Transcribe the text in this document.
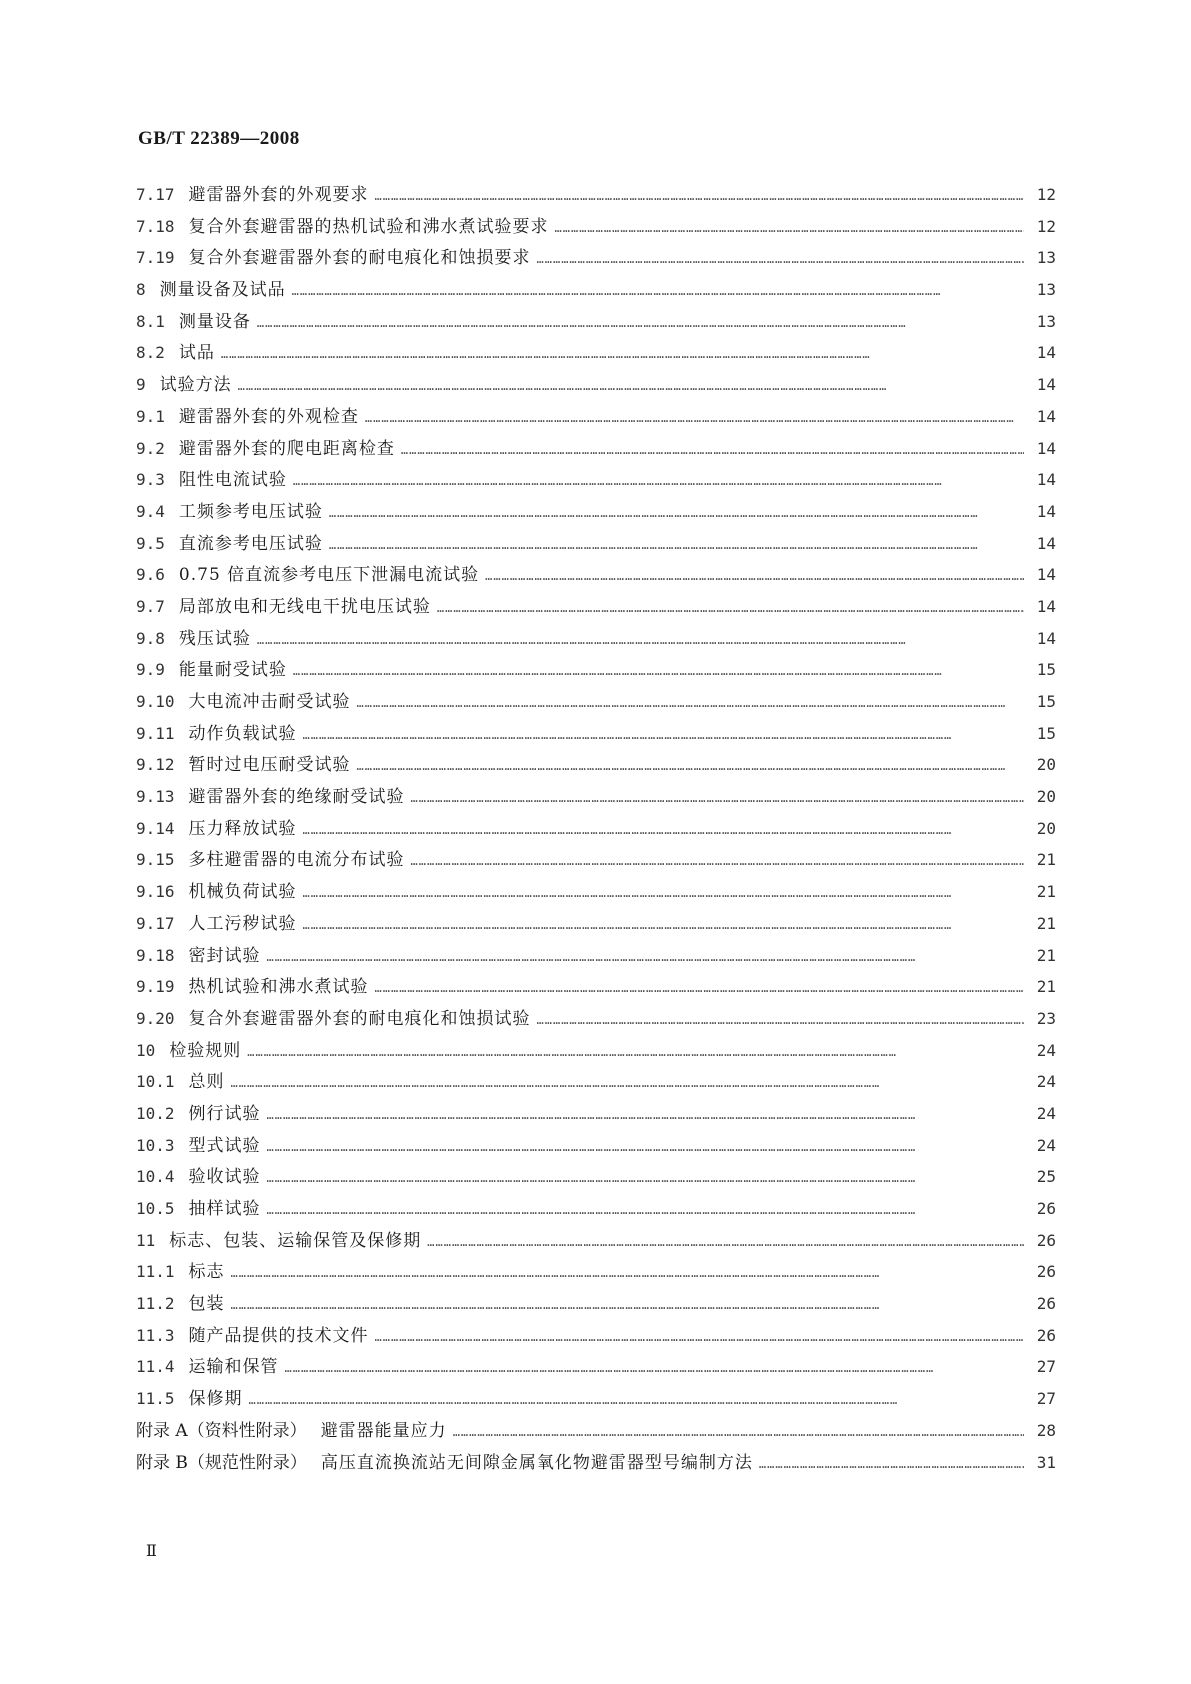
GB/T 22389—2008
7.17 避雷器外套的外观要求 …………………………………………………………………………………………………………………………………………………………………………………………………………………	12
7.18 复合外套避雷器的热机试验和沸水煮试验要求 …………………………………………………………………………………………………………………………………………………………………………………………………………………	12
7.19 复合外套避雷器外套的耐电痕化和蚀损要求 …………………………………………………………………………………………………………………………………………………………………………………………………………………	13
8 测量设备及试品 …………………………………………………………………………………………………………………………………………………………………………………………………………………	13
8.1 测量设备 …………………………………………………………………………………………………………………………………………………………………………………………………………………	13
8.2 试品 …………………………………………………………………………………………………………………………………………………………………………………………………………………	14
9 试验方法 …………………………………………………………………………………………………………………………………………………………………………………………………………………	14
9.1 避雷器外套的外观检查 …………………………………………………………………………………………………………………………………………………………………………………………………………………	14
9.2 避雷器外套的爬电距离检查 …………………………………………………………………………………………………………………………………………………………………………………………………………………	14
9.3 阻性电流试验 …………………………………………………………………………………………………………………………………………………………………………………………………………………	14
9.4 工频参考电压试验 …………………………………………………………………………………………………………………………………………………………………………………………………………………	14
9.5 直流参考电压试验 …………………………………………………………………………………………………………………………………………………………………………………………………………………	14
9.6 0.75 倍直流参考电压下泄漏电流试验 …………………………………………………………………………………………………………………………………………………………………………………………………………………	14
9.7 局部放电和无线电干扰电压试验 …………………………………………………………………………………………………………………………………………………………………………………………………………………	14
9.8 残压试验 …………………………………………………………………………………………………………………………………………………………………………………………………………………	14
9.9 能量耐受试验 …………………………………………………………………………………………………………………………………………………………………………………………………………………	15
9.10 大电流冲击耐受试验 …………………………………………………………………………………………………………………………………………………………………………………………………………………	15
9.11 动作负载试验 …………………………………………………………………………………………………………………………………………………………………………………………………………………	15
9.12 暂时过电压耐受试验 …………………………………………………………………………………………………………………………………………………………………………………………………………………	20
9.13 避雷器外套的绝缘耐受试验 …………………………………………………………………………………………………………………………………………………………………………………………………………………	20
9.14 压力释放试验 …………………………………………………………………………………………………………………………………………………………………………………………………………………	20
9.15 多柱避雷器的电流分布试验 …………………………………………………………………………………………………………………………………………………………………………………………………………………	21
9.16 机械负荷试验 …………………………………………………………………………………………………………………………………………………………………………………………………………………	21
9.17 人工污秽试验 …………………………………………………………………………………………………………………………………………………………………………………………………………………	21
9.18 密封试验 …………………………………………………………………………………………………………………………………………………………………………………………………………………	21
9.19 热机试验和沸水煮试验 …………………………………………………………………………………………………………………………………………………………………………………………………………………	21
9.20 复合外套避雷器外套的耐电痕化和蚀损试验 …………………………………………………………………………………………………………………………………………………………………………………………………………………	23
10 检验规则 …………………………………………………………………………………………………………………………………………………………………………………………………………………	24
10.1 总则 …………………………………………………………………………………………………………………………………………………………………………………………………………………	24
10.2 例行试验 …………………………………………………………………………………………………………………………………………………………………………………………………………………	24
10.3 型式试验 …………………………………………………………………………………………………………………………………………………………………………………………………………………	24
10.4 验收试验 …………………………………………………………………………………………………………………………………………………………………………………………………………………	25
10.5 抽样试验 …………………………………………………………………………………………………………………………………………………………………………………………………………………	26
11 标志、包装、运输保管及保修期 …………………………………………………………………………………………………………………………………………………………………………………………………………………	26
11.1 标志 …………………………………………………………………………………………………………………………………………………………………………………………………………………	26
11.2 包装 …………………………………………………………………………………………………………………………………………………………………………………………………………………	26
11.3 随产品提供的技术文件 …………………………………………………………………………………………………………………………………………………………………………………………………………………	26
11.4 运输和保管 …………………………………………………………………………………………………………………………………………………………………………………………………………………	27
11.5 保修期 …………………………………………………………………………………………………………………………………………………………………………………………………………………	27
附录 A（资料性附录） 避雷器能量应力 …………………………………………………………………………………………………………………………………………………………………………………………………………………	28
附录 B（规范性附录） 高压直流换流站无间隙金属氧化物避雷器型号编制方法 …………………………………………………………………………………………………………………………………………………………………………………………………………………	31
Ⅱ
